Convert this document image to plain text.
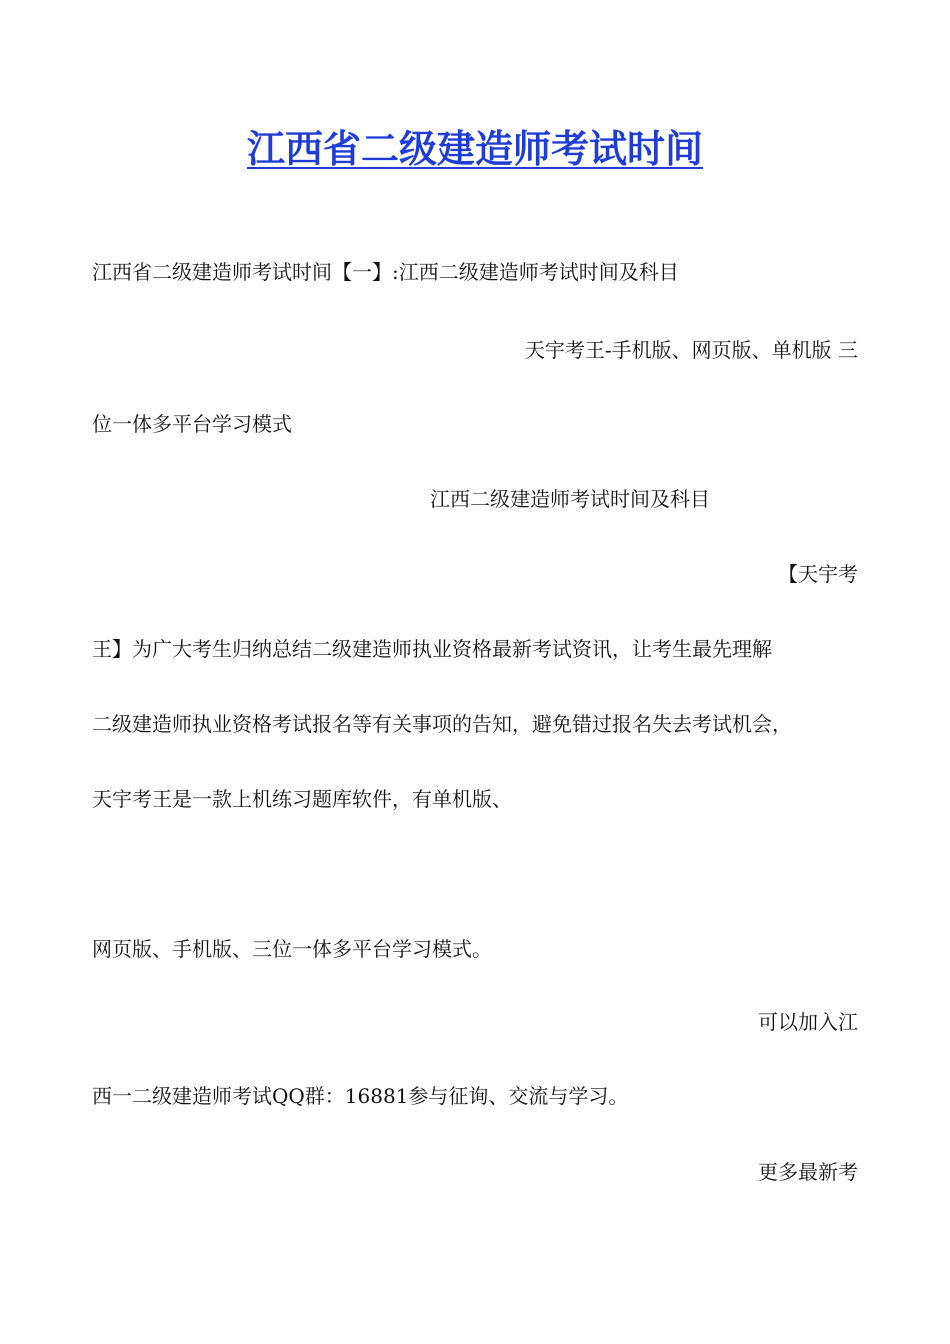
江西省二级建造师考试时间
江西省二级建造师考试时间【一】:江西二级建造师考试时间及科目
天宇考王-手机版、网页版、单机版 三
位一体多平台学习模式
江西二级建造师考试时间及科目
【天宇考
王】为广大考生归纳总结二级建造师执业资格最新考试资讯，让考生最先理解
二级建造师执业资格考试报名等有关事项的告知，避免错过报名失去考试机会，
天宇考王是一款上机练习题库软件，有单机版、
网页版、手机版、三位一体多平台学习模式。
可以加入江
西一二级建造师考试QQ群：16881参与征询、交流与学习。
更多最新考
